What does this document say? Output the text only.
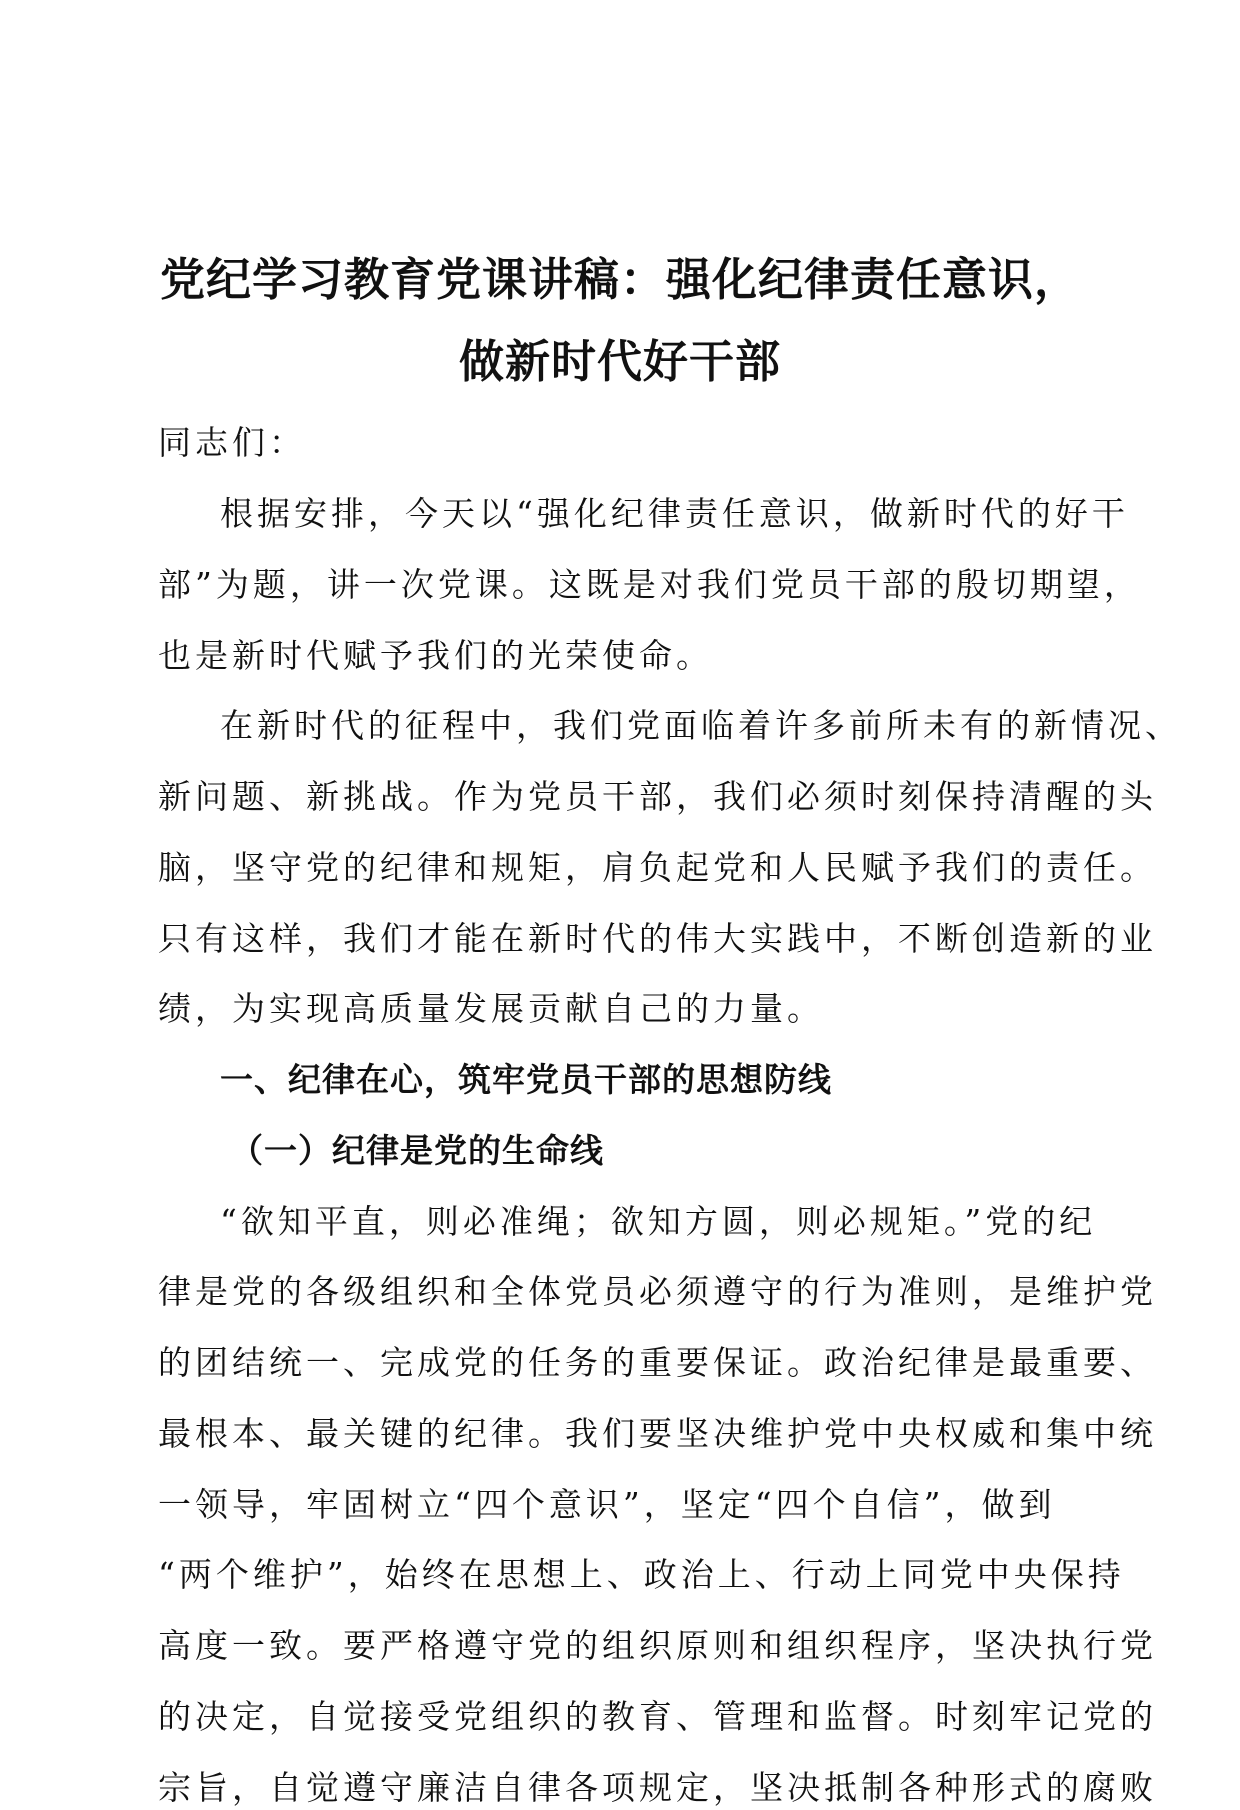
党纪学习教育党课讲稿：强化纪律责任意识，
做新时代好干部

同志们：

根据安排，今天以“强化纪律责任意识，做新时代的好干

部”为题，讲一次党课。这既是对我们党员干部的殷切期望，

也是新时代赋予我们的光荣使命。

在新时代的征程中，我们党面临着许多前所未有的新情况、

新问题、新挑战。作为党员干部，我们必须时刻保持清醒的头

脑，坚守党的纪律和规矩，肩负起党和人民赋予我们的责任。

只有这样，我们才能在新时代的伟大实践中，不断创造新的业

绩，为实现高质量发展贡献自己的力量。

一、纪律在心，筑牢党员干部的思想防线

（一）纪律是党的生命线

“欲知平直，则必准绳；欲知方圆，则必规矩。”党的纪

律是党的各级组织和全体党员必须遵守的行为准则，是维护党

的团结统一、完成党的任务的重要保证。政治纪律是最重要、

最根本、最关键的纪律。我们要坚决维护党中央权威和集中统

一领导，牢固树立“四个意识”，坚定“四个自信”，做到

“两个维护”，始终在思想上、政治上、行动上同党中央保持

高度一致。要严格遵守党的组织原则和组织程序，坚决执行党

的决定，自觉接受党组织的教育、管理和监督。时刻牢记党的

宗旨，自觉遵守廉洁自律各项规定，坚决抵制各种形式的腐败
